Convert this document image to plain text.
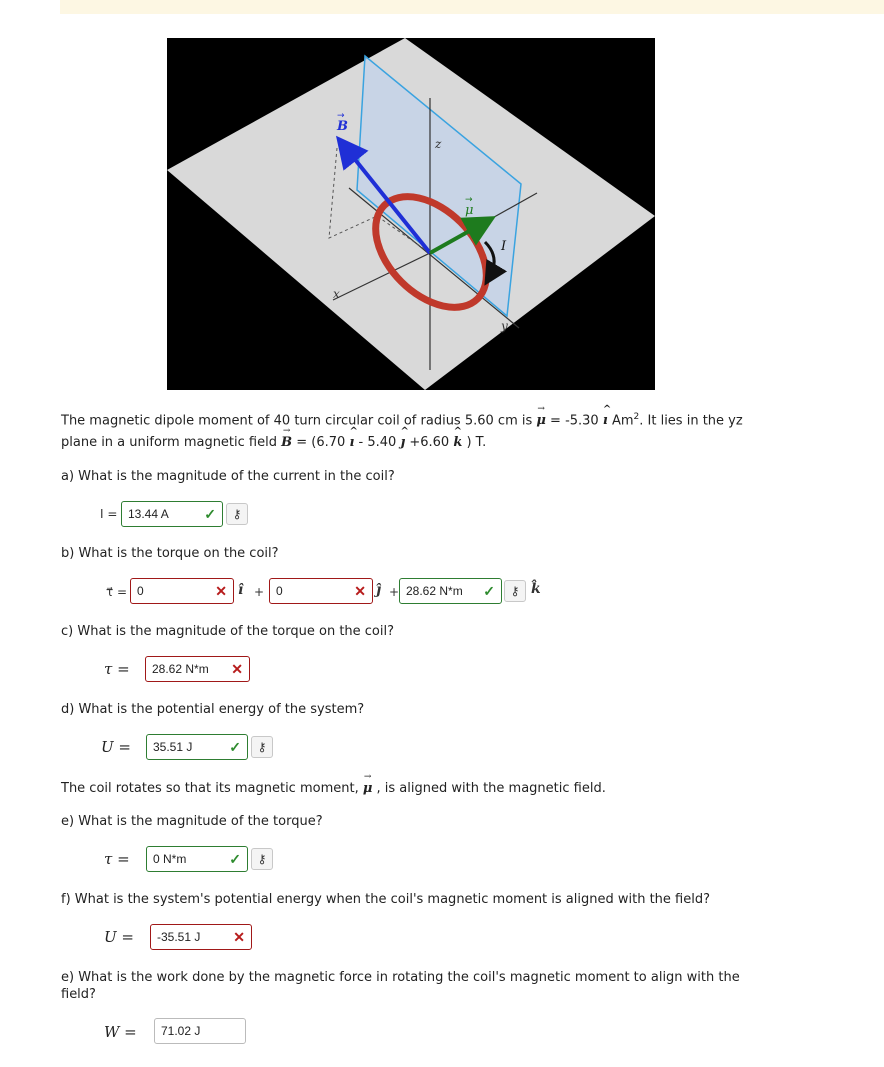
B
→
z
μ
→
I
x
y
The magnetic dipole moment of 40 turn circular coil of radius 5.60 cm is → μ = -5.30 ^ ı Am$^2$. It lies in the yz
plane in a uniform magnetic field → B = (6.70 ^ ı - 5.40 ^ ȷ +6.60 ^ k ) T.
a) What is the magnitude of the current in the coil?
I = 13.44 A	✓	⚷
b) What is the torque on the coil?
τ⃗ = 0	✕ ı̂ + 0	✕ ȷ̂ + 28.62 N*m ✓	⚷ k̂
c) What is the magnitude of the torque on the coil?
τ = 28.62 N*m ✕
d) What is the potential energy of the system?
U = 35.51 J	✓	⚷
The coil rotates so that its magnetic moment, → μ , is aligned with the magnetic field.
e) What is the magnitude of the torque?
τ = 0 N*m	✓	⚷
f) What is the system's potential energy when the coil's magnetic moment is aligned with the field?
U = -35.51 J ✕
e) What is the work done by the magnetic force in rotating the coil's magnetic moment to align with the
field?
W = 71.02 J
